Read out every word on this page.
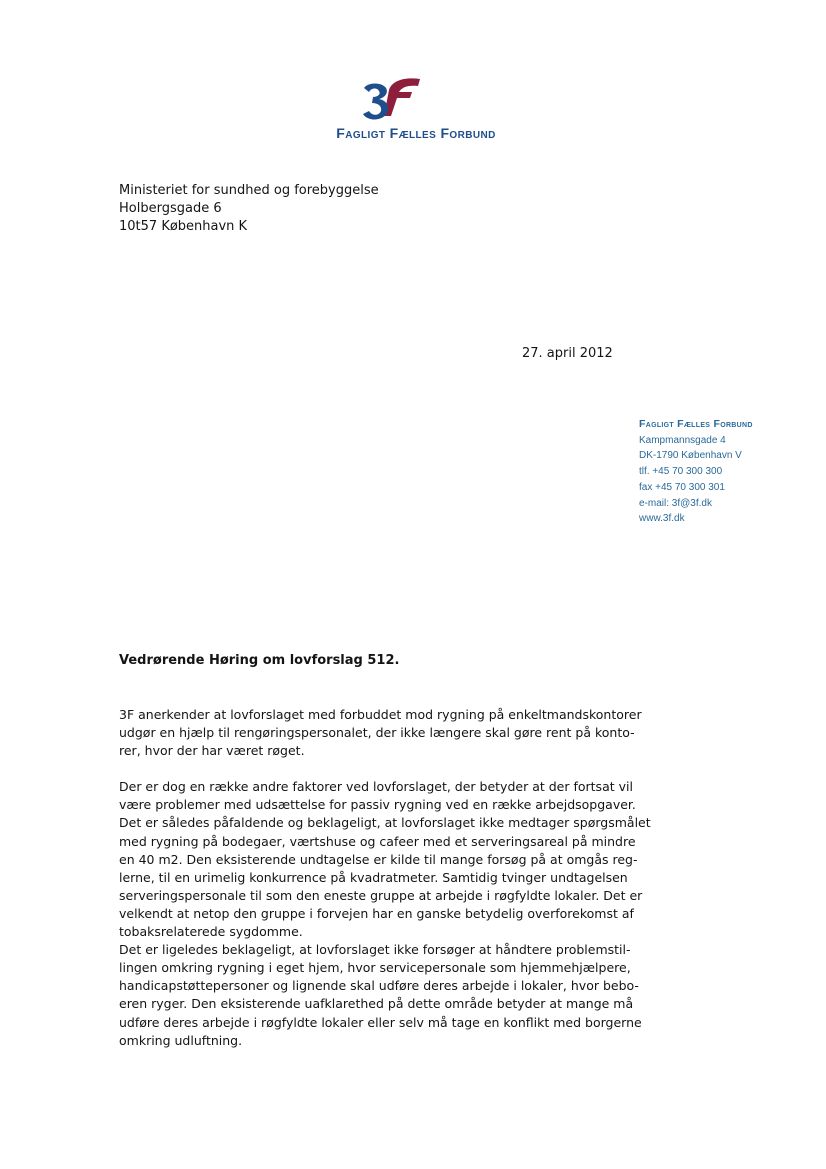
Fagligt Fælles Forbund
Ministeriet for sundhed og forebyggelse
Holbergsgade 6
10t57 København K
27. april 2012
Fagligt Fælles Forbund
Kampmannsgade 4
DK-1790 København V
tlf. +45 70 300 300
fax +45 70 300 301
e-mail: 3f@3f.dk
www.3f.dk
Vedrørende Høring om lovforslag 512.
3F anerkender at lovforslaget med forbuddet mod rygning på enkeltmandskontorer
udgør en hjælp til rengøringspersonalet, der ikke længere skal gøre rent på konto-
rer, hvor der har været røget.
Der er dog en række andre faktorer ved lovforslaget, der betyder at der fortsat vil
være problemer med udsættelse for passiv rygning ved en række arbejdsopgaver.
Det er således påfaldende og beklageligt, at lovforslaget ikke medtager spørgsmålet
med rygning på bodegaer, værtshuse og cafeer med et serveringsareal på mindre
en 40 m2. Den eksisterende undtagelse er kilde til mange forsøg på at omgås reg-
lerne, til en urimelig konkurrence på kvadratmeter. Samtidig tvinger undtagelsen
serveringspersonale til som den eneste gruppe at arbejde i røgfyldte lokaler. Det er
velkendt at netop den gruppe i forvejen har en ganske betydelig overforekomst af
tobaksrelaterede sygdomme.
Det er ligeledes beklageligt, at lovforslaget ikke forsøger at håndtere problemstil-
lingen omkring rygning i eget hjem, hvor servicepersonale som hjemmehjælpere,
handicapstøttepersoner og lignende skal udføre deres arbejde i lokaler, hvor bebo-
eren ryger. Den eksisterende uafklarethed på dette område betyder at mange må
udføre deres arbejde i røgfyldte lokaler eller selv må tage en konflikt med borgerne
omkring udluftning.
